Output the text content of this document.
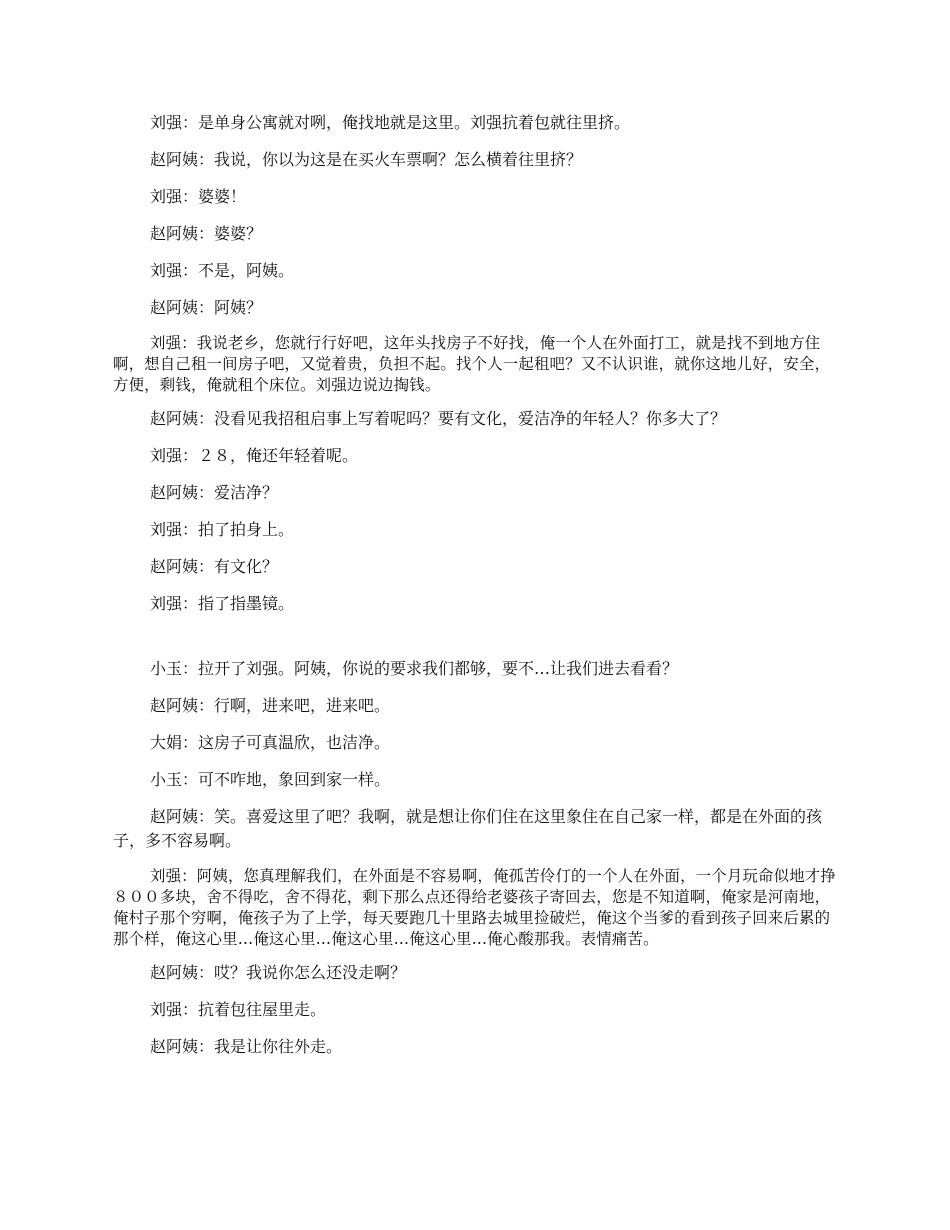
刘强：是单身公寓就对咧，俺找地就是这里。刘强抗着包就往里挤。

赵阿姨：我说，你以为这是在买火车票啊？怎么横着往里挤？

刘强：婆婆！

赵阿姨：婆婆？

刘强：不是，阿姨。

赵阿姨：阿姨？

刘强：我说老乡，您就行行好吧，这年头找房子不好找，俺一个人在外面打工，就是找不到地方住啊，想自己租一间房子吧，又觉着贵，负担不起。找个人一起租吧？又不认识谁，就你这地儿好，安全，方便，剩钱，俺就租个床位。刘强边说边掏钱。

赵阿姨：没看见我招租启事上写着呢吗？要有文化，爱洁净的年轻人？你多大了？

刘强：２８，俺还年轻着呢。

赵阿姨：爱洁净？

刘强：拍了拍身上。

赵阿姨：有文化？

刘强：指了指墨镜。

小玉：拉开了刘强。阿姨，你说的要求我们都够，要不…让我们进去看看？

赵阿姨：行啊，进来吧，进来吧。

大娟：这房子可真温欣，也洁净。

小玉：可不咋地，象回到家一样。

赵阿姨：笑。喜爱这里了吧？我啊，就是想让你们住在这里象住在自己家一样，都是在外面的孩子，多不容易啊。

刘强：阿姨，您真理解我们，在外面是不容易啊，俺孤苦伶仃的一个人在外面，一个月玩命似地才挣８００多块，舍不得吃，舍不得花，剩下那么点还得给老婆孩子寄回去，您是不知道啊，俺家是河南地，俺村子那个穷啊，俺孩子为了上学，每天要跑几十里路去城里捡破烂，俺这个当爹的看到孩子回来后累的那个样，俺这心里…俺这心里…俺这心里…俺这心里…俺心酸那我。表情痛苦。

赵阿姨：哎？我说你怎么还没走啊？

刘强：抗着包往屋里走。

赵阿姨：我是让你往外走。
